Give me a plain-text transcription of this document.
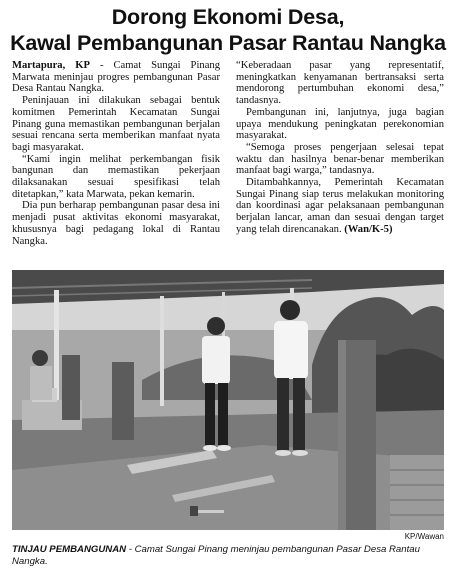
Dorong Ekonomi Desa,
Kawal Pembangunan Pasar Rantau Nangka

Martapura, KP - Camat Sungai Pinang Marwata meninjau progres pembangunan Pasar Desa Rantau Nangka.

Peninjauan ini dilakukan sebagai bentuk komitmen Pemerintah Kecamatan Sungai Pinang guna memastikan pembangunan berjalan sesuai rencana serta memberikan manfaat nyata bagi masyarakat.

“Kami ingin melihat perkembangan fisik bangunan dan memastikan pekerjaan dilaksanakan sesuai spesifikasi telah ditetapkan,” kata Marwata, pekan kemarin.

Dia pun berharap pembangunan pasar desa ini menjadi pusat aktivitas ekonomi masyarakat, khususnya bagi pedagang lokal di Rantau Nangka.

“Keberadaan pasar yang representatif, meningkatkan kenyamanan bertransaksi serta mendorong pertumbuhan ekonomi desa,” tandasnya.

Pembangunan ini, lanjutnya, juga bagian upaya mendukung peningkatan perekonomian masyarakat.

“Semoga proses pengerjaan selesai tepat waktu dan hasilnya benar-benar memberikan manfaat bagi warga,” tandasnya.

Ditambahkannya, Pemerintah Kecamatan Sungai Pinang siap terus melakukan monitoring dan koordinasi agar pelaksanaan pembangunan berjalan lancar, aman dan sesuai dengan target yang telah direncanakan. (Wan/K-5)

KP/Wawan
TINJAU PEMBANGUNAN - Camat Sungai Pinang meninjau pembangunan Pasar Desa Rantau Nangka.
